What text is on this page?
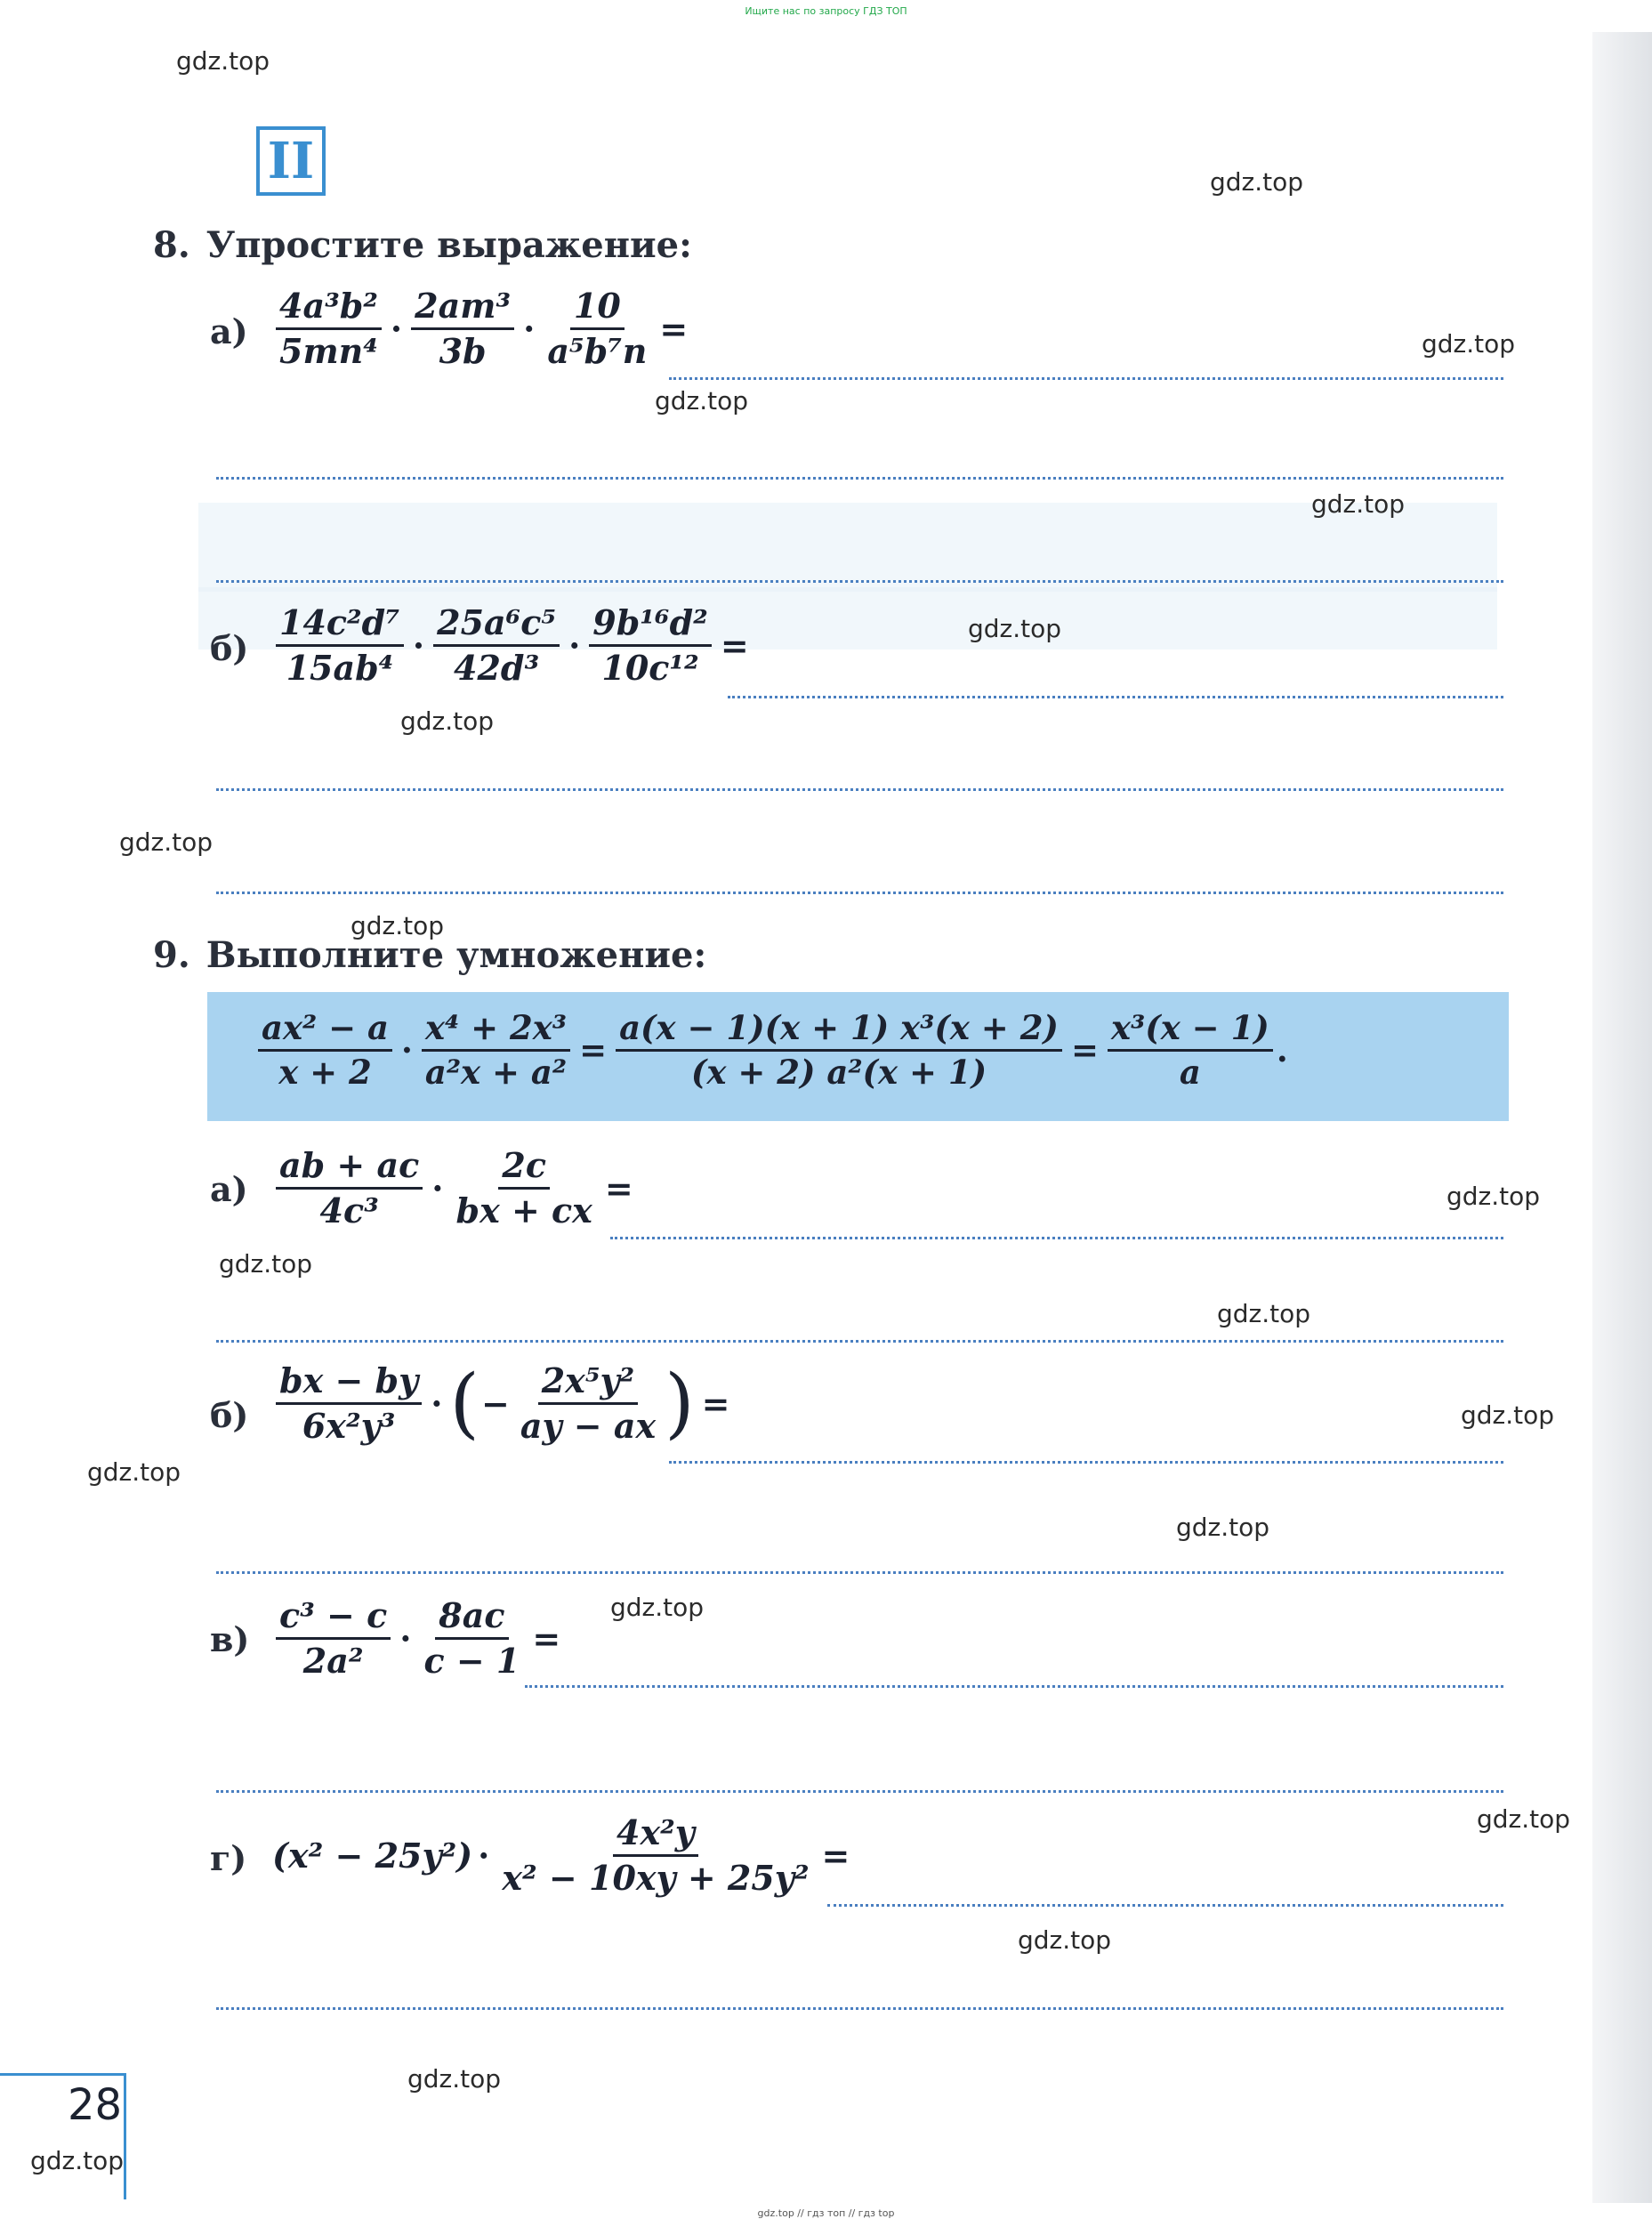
Ищите нас по запросу ГДЗ ТОП
gdz.top
gdz.top
gdz.top
gdz.top
gdz.top
gdz.top
gdz.top
gdz.top
gdz.top
gdz.top
gdz.top
gdz.top
gdz.top
gdz.top
gdz.top
gdz.top
gdz.top
gdz.top
gdz.top
gdz.top
II
8. Упростите выражение:
$а) \frac{\text{4a³b²}}{\text{5mn⁴}} \cdot \frac{\text{2am³}}{3b} \cdot \frac{10}{\text{a⁵b⁷n}}$ =
$б) \frac{\text{14c²d⁷}}{\text{15ab⁴}} \cdot \frac{\text{25a⁶c⁵}}{\text{42d³}} \cdot \frac{\text{9b¹⁶d²}}{\text{10c¹²}}$ =
9. Выполните умножение:
$\frac{\text{ax² − a}}{x + 2} \cdot \frac{\text{x⁴ + 2x³}}{\text{a²x + a²}} = \frac{\text{a(x − 1)(x + 1) x³(x + 2)}}{\text{(x + 2) a²(x + 1)}} = \frac{\text{x³(x − 1)}}{a}$ .
$а) \frac{ab + ac}{\text{4c³}} \cdot \frac{2c}{bx + cx}$ =
$б) \frac{bx - by}{\text{6x²y³}}$ · ( − $\frac{\text{2x⁵y²}}{ay - ax}$ ) =
$в) \frac{\text{c³ − c}}{\text{2a²}} \cdot \frac{8ac}{c - 1}$ =
г) $(x^2 - 25y^2) \cdot \frac{\text{4x²y}}{\text{x² − 10xy + 25y²}}$ =
28
gdz.top // гдз топ // гдз top
